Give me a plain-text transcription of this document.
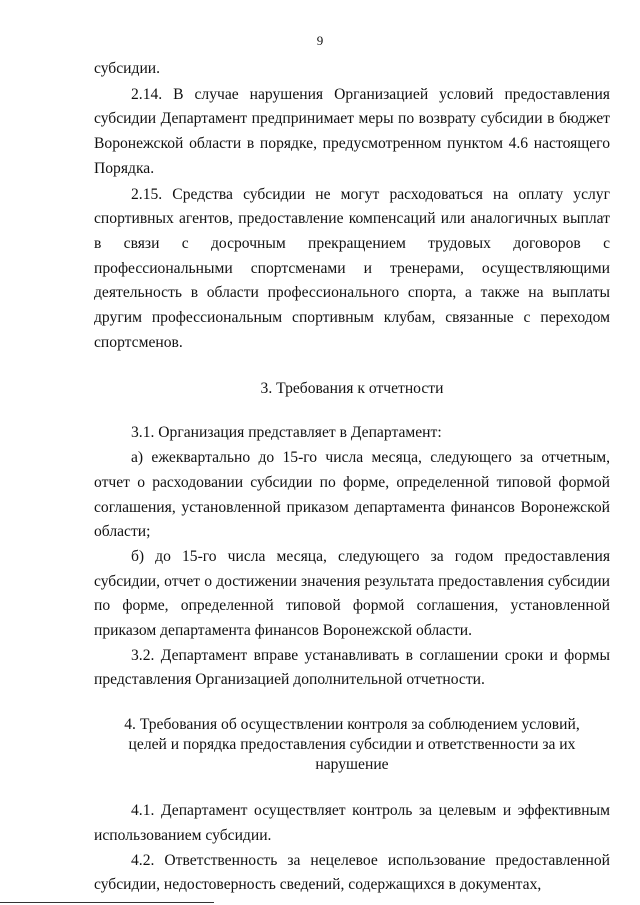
9

субсидии.

2.14. В случае нарушения Организацией условий предоставления субсидии Департамент предпринимает меры по возврату субсидии в бюджет Воронежской области в порядке, предусмотренном пунктом 4.6 настоящего Порядка.

2.15. Средства субсидии не могут расходоваться на оплату услуг спортивных агентов, предоставление компенсаций или аналогичных выплат в связи с досрочным прекращением трудовых договоров с профессиональными спортсменами и тренерами, осуществляющими деятельность в области профессионального спорта, а также на выплаты другим профессиональным спортивным клубам, связанные с переходом спортсменов.

3. Требования к отчетности

3.1. Организация представляет в Департамент:

а) ежеквартально до 15-го числа месяца, следующего за отчетным, отчет о расходовании субсидии по форме, определенной типовой формой соглашения, установленной приказом департамента финансов Воронежской области;

б) до 15-го числа месяца, следующего за годом предоставления субсидии, отчет о достижении значения результата предоставления субсидии по форме, определенной типовой формой соглашения, установленной приказом департамента финансов Воронежской области.

3.2. Департамент вправе устанавливать в соглашении сроки и формы представления Организацией дополнительной отчетности.

4. Требования об осуществлении контроля за соблюдением условий,

целей и порядка предоставления субсидии и ответственности за их нарушение

4.1. Департамент осуществляет контроль за целевым и эффективным использованием субсидии.

4.2. Ответственность за нецелевое использование предоставленной субсидии, недостоверность сведений, содержащихся в документах,
